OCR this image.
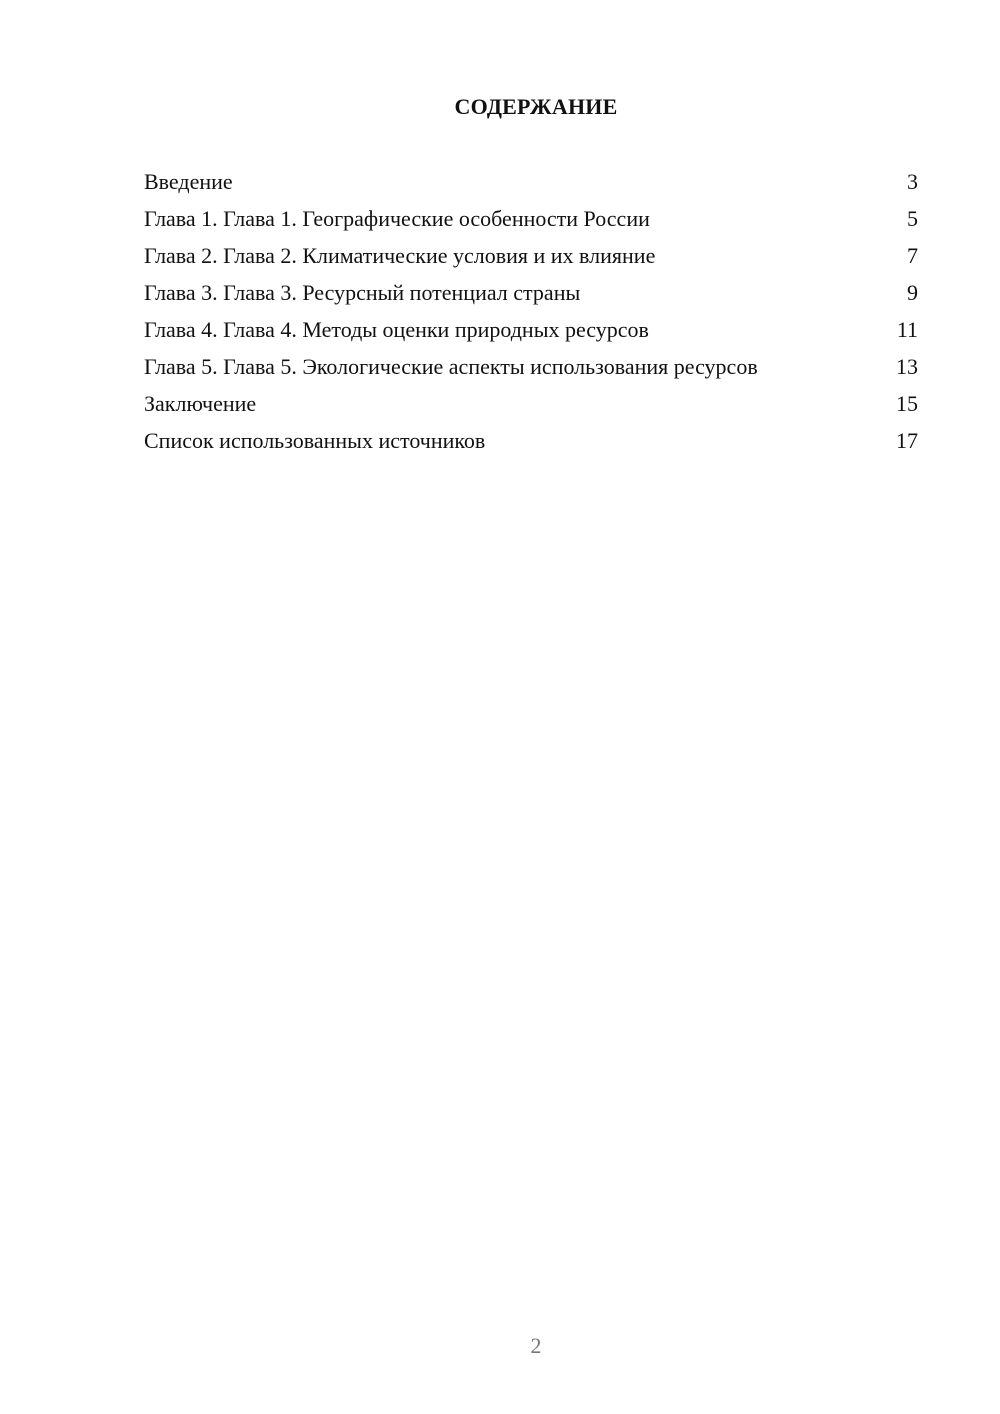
СОДЕРЖАНИЕ
Введение	3
Глава 1. Глава 1. Географические особенности России	5
Глава 2. Глава 2. Климатические условия и их влияние	7
Глава 3. Глава 3. Ресурсный потенциал страны	9
Глава 4. Глава 4. Методы оценки природных ресурсов	11
Глава 5. Глава 5. Экологические аспекты использования ресурсов	13
Заключение	15
Список использованных источников	17
2
